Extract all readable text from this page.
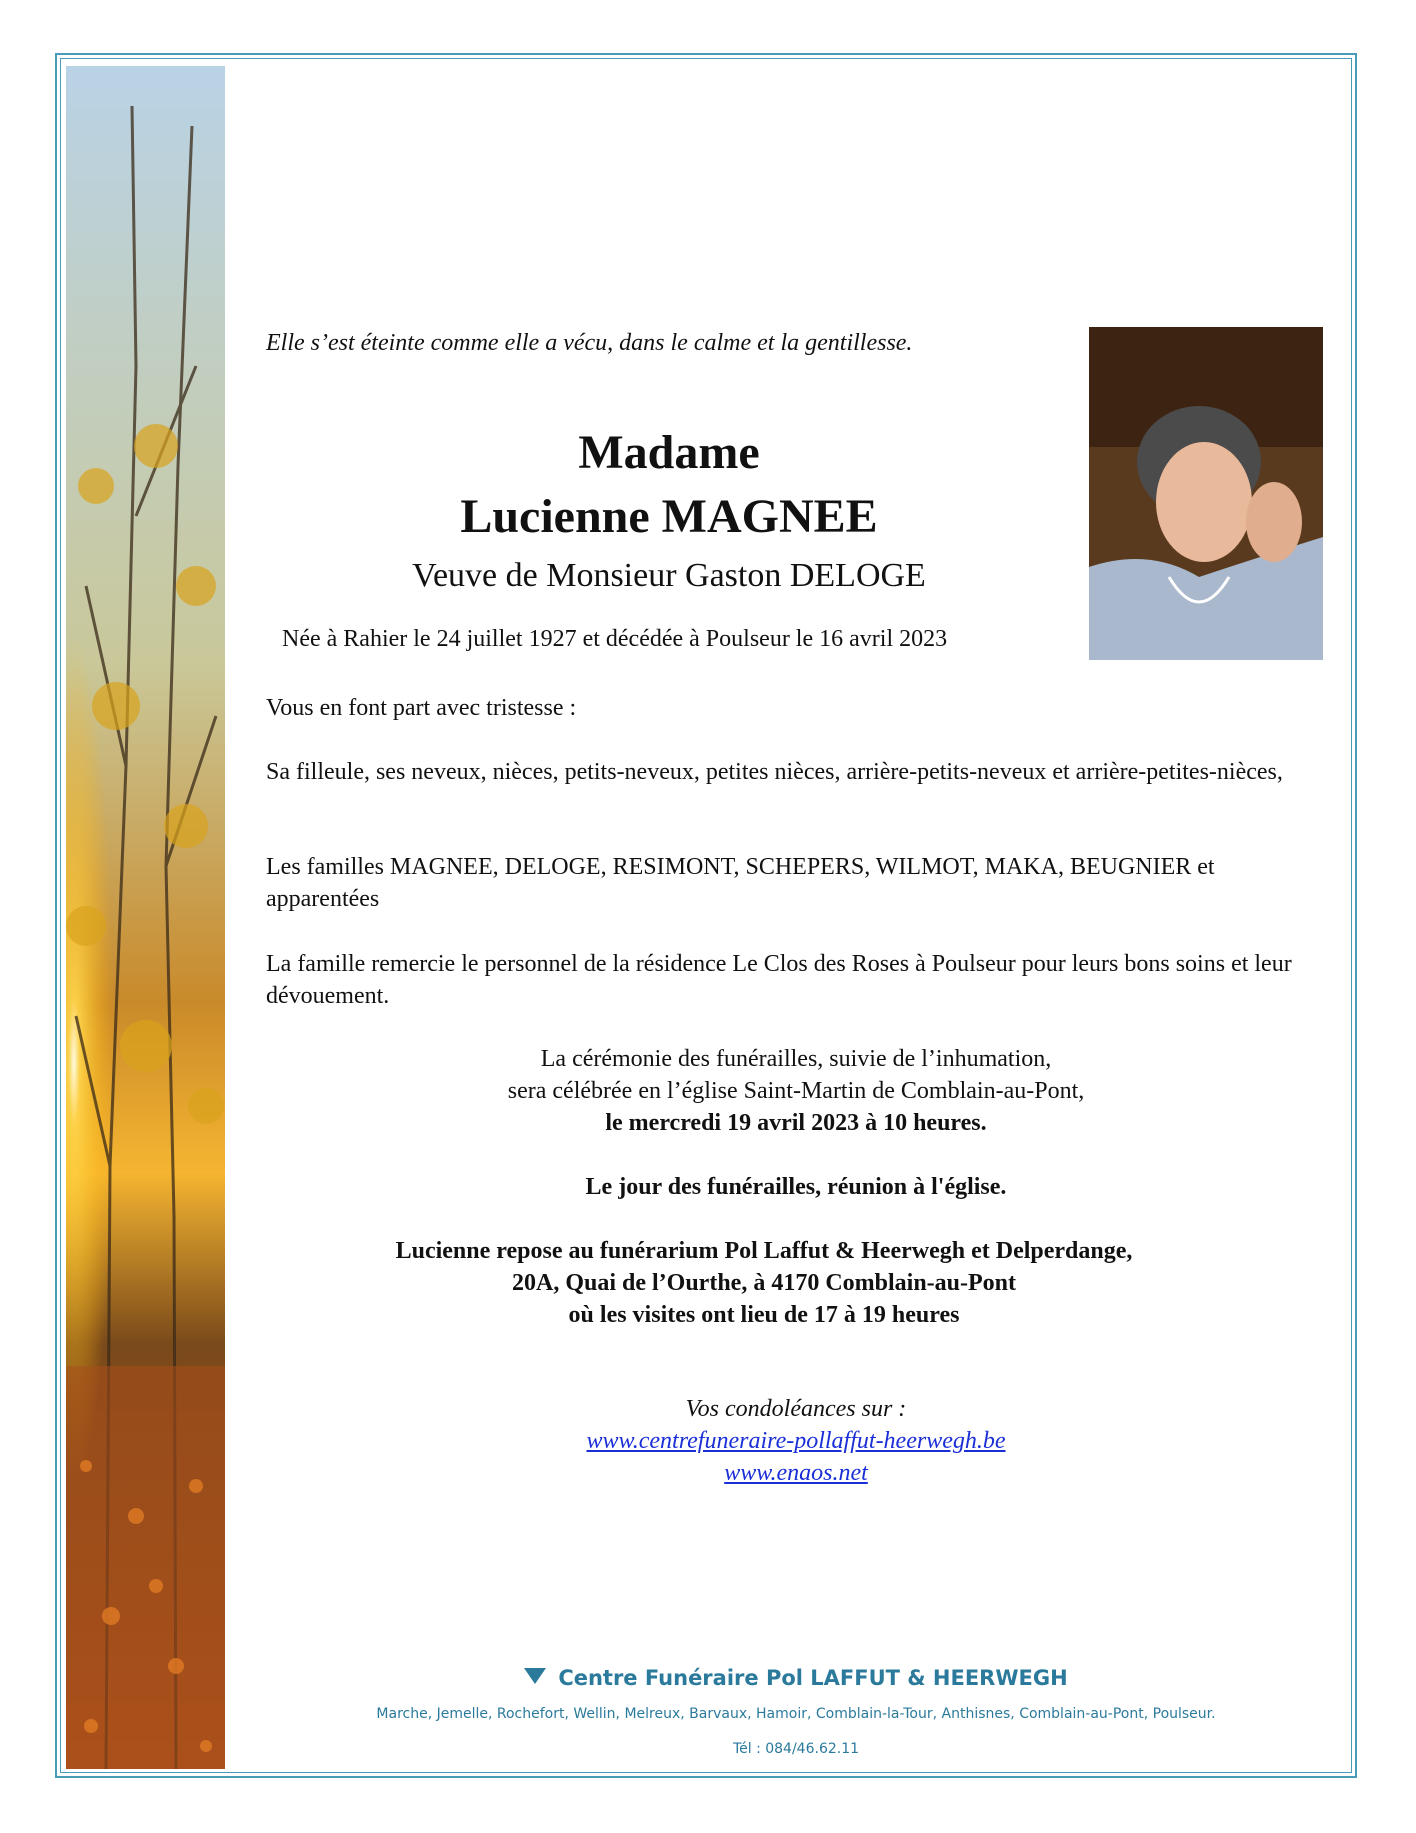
Elle s’est éteinte comme elle a vécu, dans le calme et la gentillesse.
Madame
Lucienne MAGNEE
Veuve de Monsieur Gaston DELOGE
Née à Rahier le 24 juillet 1927 et décédée à Poulseur le 16 avril 2023
Vous en font part avec tristesse :
Sa filleule, ses neveux, nièces, petits-neveux, petites nièces, arrière-petits-neveux et arrière-petites-nièces,
Les familles MAGNEE, DELOGE, RESIMONT, SCHEPERS, WILMOT, MAKA, BEUGNIER et apparentées
La famille remercie le personnel de la résidence Le Clos des Roses à Poulseur pour leurs bons soins et leur dévouement.
La cérémonie des funérailles, suivie de l’inhumation,
sera célébrée en l’église Saint-Martin de Comblain-au-Pont,
le mercredi 19 avril 2023 à 10 heures.
Le jour des funérailles, réunion à l'église.
Lucienne repose au funérarium Pol Laffut & Heerwegh et Delperdange,
20A, Quai de l’Ourthe, à 4170 Comblain-au-Pont
où les visites ont lieu de 17 à 19 heures
Vos condoléances sur :
www.centrefuneraire-pollaffut-heerwegh.be
www.enaos.net
Centre Funéraire Pol LAFFUT & HEERWEGH
Marche, Jemelle, Rochefort, Wellin, Melreux, Barvaux, Hamoir, Comblain-la-Tour, Anthisnes, Comblain-au-Pont, Poulseur.
Tél : 084/46.62.11
